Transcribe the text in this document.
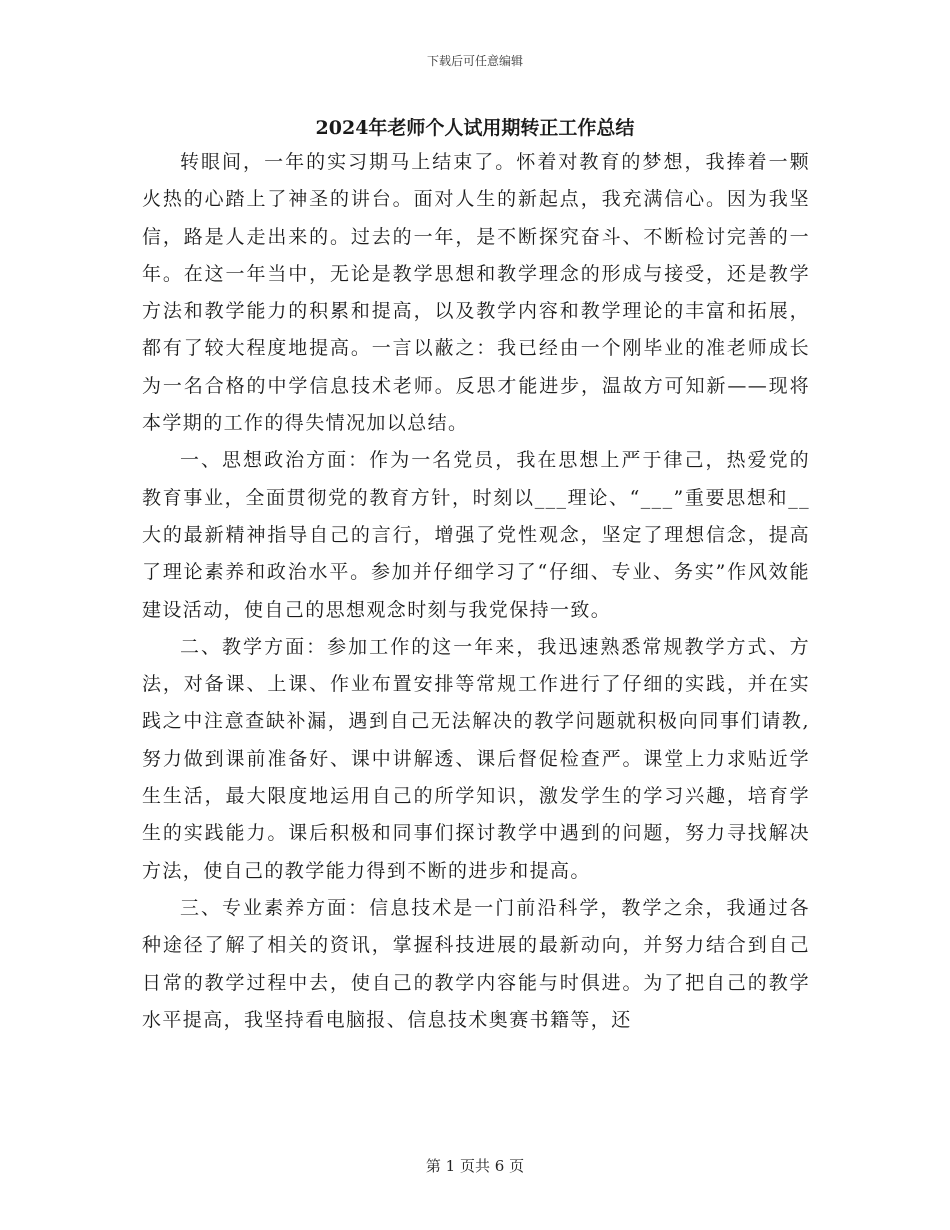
下载后可任意编辑
2024年老师个人试用期转正工作总结

转眼间，一年的实习期马上结束了。怀着对教育的梦想，我捧着一颗火热的心踏上了神圣的讲台。面对人生的新起点，我充满信心。因为我坚信，路是人走出来的。过去的一年，是不断探究奋斗、不断检讨完善的一年。在这一年当中，无论是教学思想和教学理念的形成与接受，还是教学方法和教学能力的积累和提高，以及教学内容和教学理论的丰富和拓展，都有了较大程度地提高。一言以蔽之：我已经由一个刚毕业的准老师成长为一名合格的中学信息技术老师。反思才能进步，温故方可知新——现将本学期的工作的得失情况加以总结。

一、思想政治方面：作为一名党员，我在思想上严于律己，热爱党的教育事业，全面贯彻党的教育方针，时刻以___理论、“___”重要思想和__大的最新精神指导自己的言行，增强了党性观念，坚定了理想信念，提高了理论素养和政治水平。参加并仔细学习了“仔细、专业、务实”作风效能建设活动，使自己的思想观念时刻与我党保持一致。

二、教学方面：参加工作的这一年来，我迅速熟悉常规教学方式、方法，对备课、上课、作业布置安排等常规工作进行了仔细的实践，并在实践之中注意查缺补漏，遇到自己无法解决的教学问题就积极向同事们请教,努力做到课前准备好、课中讲解透、课后督促检查严。课堂上力求贴近学生生活，最大限度地运用自己的所学知识，激发学生的学习兴趣，培育学生的实践能力。课后积极和同事们探讨教学中遇到的问题，努力寻找解决方法，使自己的教学能力得到不断的进步和提高。

三、专业素养方面：信息技术是一门前沿科学，教学之余，我通过各种途径了解了相关的资讯，掌握科技进展的最新动向，并努力结合到自己日常的教学过程中去，使自己的教学内容能与时俱进。为了把自己的教学水平提高，我坚持看电脑报、信息技术奥赛书籍等，还

第 1 页共 6 页
